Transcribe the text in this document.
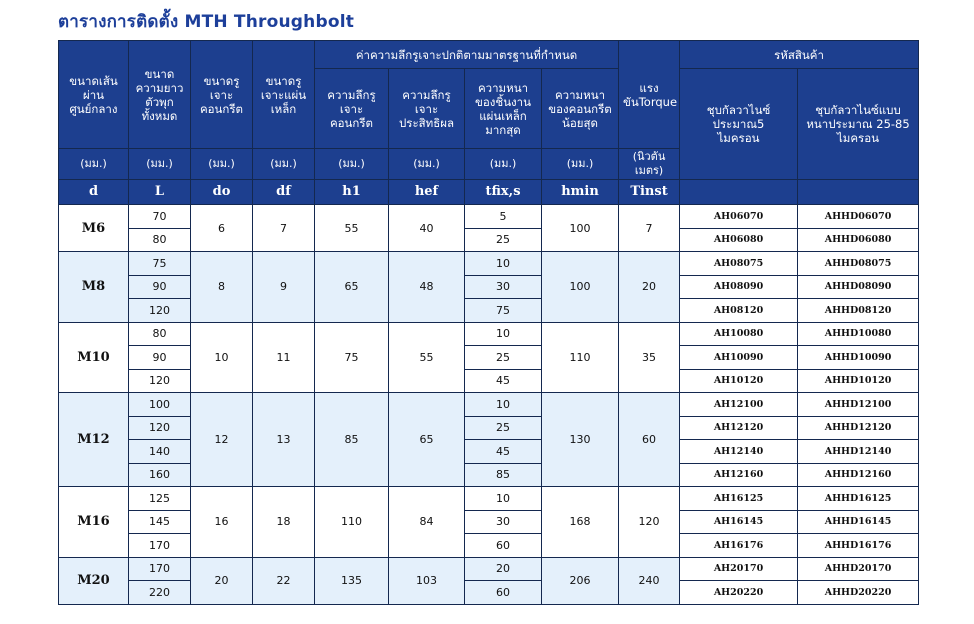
ตารางการติดตั้ง MTH Throughbolt
ขนาดเส้นผ่านศูนย์กลาง	ขนาดความยาวตัวพุกทั้งหมด	ขนาดรูเจาะคอนกรีต	ขนาดรูเจาะแผ่นเหล็ก	ค่าความลึกรูเจาะปกติตามมาตรฐานที่กำหนด				แรงขันTorque	รหัสสินค้า	
				ความลึกรูเจาะคอนกรีต	ความลึกรูเจาะประสิทธิผล	ความหนาของชิ้นงานแผ่นเหล็กมากสุด	ความหนาของคอนกรีตน้อยสุด		ชุบกัลวาไนซ์ประมาณ5 ไมครอน	ชุบกัลวาไนซ์แบบหนาประมาณ 25-85 ไมครอน

(มม.)	(มม.)	(มม.)	(มม.)	(มม.)	(มม.)	(มม.)	(มม.)	(นิวตันเมตร)		
d	L	do	df	h1	hef	tfix,s	hmin	Tinst		
M6	70	6	7	55	40	5	100	7	AH06070	AHHD06070
	80					25			AH06080	AHHD06080
M8	75	8	9	65	48	10	100	20	AH08075	AHHD08075
	90					30			AH08090	AHHD08090
	120					75			AH08120	AHHD08120
M10	80	10	11	75	55	10	110	35	AH10080	AHHD10080
	90					25			AH10090	AHHD10090
	120					45			AH10120	AHHD10120
M12	100	12	13	85	65	10	130	60	AH12100	AHHD12100
	120					25			AH12120	AHHD12120
	140					45			AH12140	AHHD12140
	160					85			AH12160	AHHD12160
M16	125	16	18	110	84	10	168	120	AH16125	AHHD16125
	145					30			AH16145	AHHD16145
	170					60			AH16176	AHHD16176
M20	170	20	22	135	103	20	206	240	AH20170	AHHD20170
	220					60			AH20220	AHHD20220
